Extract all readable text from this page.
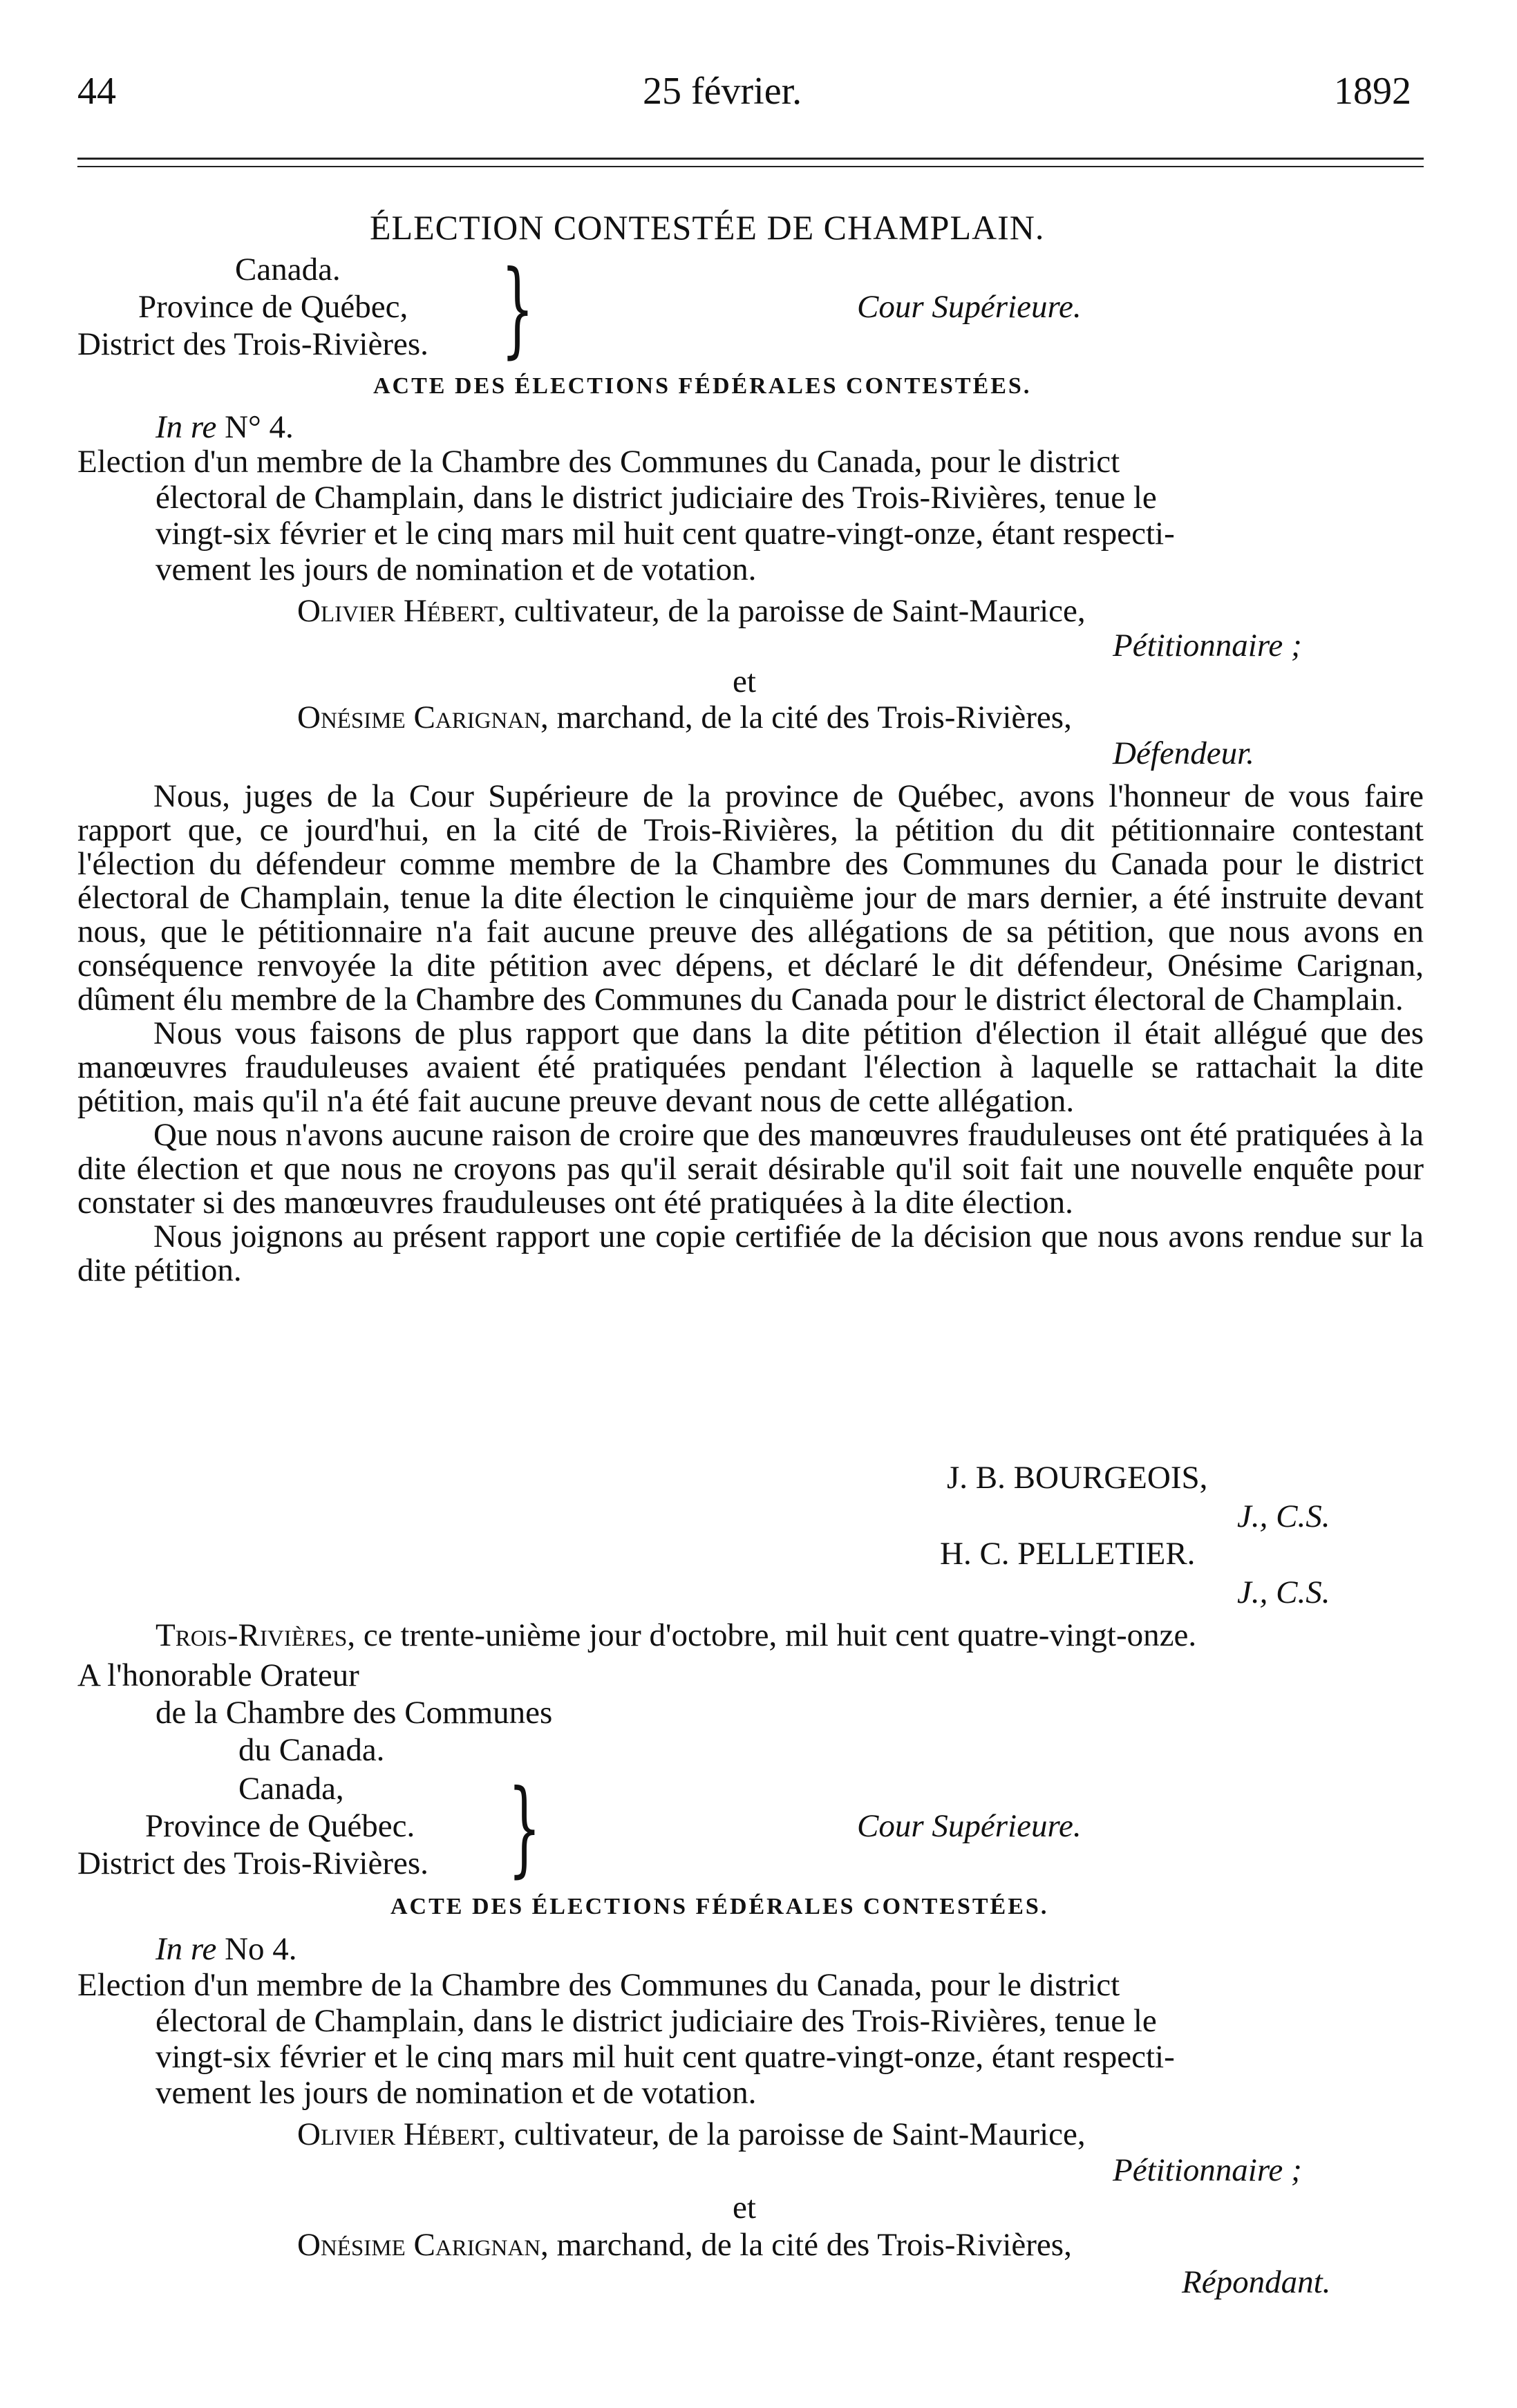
44	25 février.	1892
ÉLECTION CONTESTÉE DE CHAMPLAIN.
Canada.
Province de Québec,
District des Trois-Rivières. }	Cour Supérieure.
ACTE DES ÉLECTIONS FÉDÉRALES CONTESTÉES.
In re N° 4.
Election d'un membre de la Chambre des Communes du Canada, pour le district
électoral de Champlain, dans le district judiciaire des Trois-Rivières, tenue le
vingt-six février et le cinq mars mil huit cent quatre-vingt-onze, étant respecti-
vement les jours de nomination et de votation.
Olivier Hébert, cultivateur, de la paroisse de Saint-Maurice,
Pétitionnaire ;
et
Onésime Carignan, marchand, de la cité des Trois-Rivières,
Défendeur.

Nous, juges de la Cour Supérieure de la province de Québec, avons l'honneur de vous faire rapport que, ce jourd'hui, en la cité de Trois-Rivières, la pétition du dit pétitionnaire contestant l'élection du défendeur comme membre de la Chambre des Communes du Canada pour le district électoral de Champlain, tenue la dite élection le cinquième jour de mars dernier, a été instruite devant nous, que le pétitionnaire n'a fait aucune preuve des allégations de sa pétition, que nous avons en conséquence renvoyée la dite pétition avec dépens, et déclaré le dit défendeur, Onésime Carignan, dûment élu membre de la Chambre des Communes du Canada pour le district électoral de Champlain.

Nous vous faisons de plus rapport que dans la dite pétition d'élection il était allégué que des manœuvres frauduleuses avaient été pratiquées pendant l'élection à laquelle se rattachait la dite pétition, mais qu'il n'a été fait aucune preuve devant nous de cette allégation.

Que nous n'avons aucune raison de croire que des manœuvres frauduleuses ont été pratiquées à la dite élection et que nous ne croyons pas qu'il serait désirable qu'il soit fait une nouvelle enquête pour constater si des manœuvres frauduleuses ont été pratiquées à la dite élection.

Nous joignons au présent rapport une copie certifiée de la décision que nous avons rendue sur la dite pétition.

J. B. BOURGEOIS,
J., C.S.
H. C. PELLETIER.
J., C.S.
Trois-Rivières, ce trente-unième jour d'octobre, mil huit cent quatre-vingt-onze.
A l'honorable Orateur
de la Chambre des Communes
du Canada.
Canada,
Province de Québec.
District des Trois-Rivières. }	Cour Supérieure.
ACTE DES ÉLECTIONS FÉDÉRALES CONTESTÉES.
In re No 4.
Election d'un membre de la Chambre des Communes du Canada, pour le district
électoral de Champlain, dans le district judiciaire des Trois-Rivières, tenue le
vingt-six février et le cinq mars mil huit cent quatre-vingt-onze, étant respecti-
vement les jours de nomination et de votation.
Olivier Hébert, cultivateur, de la paroisse de Saint-Maurice,
Pétitionnaire ;
et
Onésime Carignan, marchand, de la cité des Trois-Rivières,
Répondant.
